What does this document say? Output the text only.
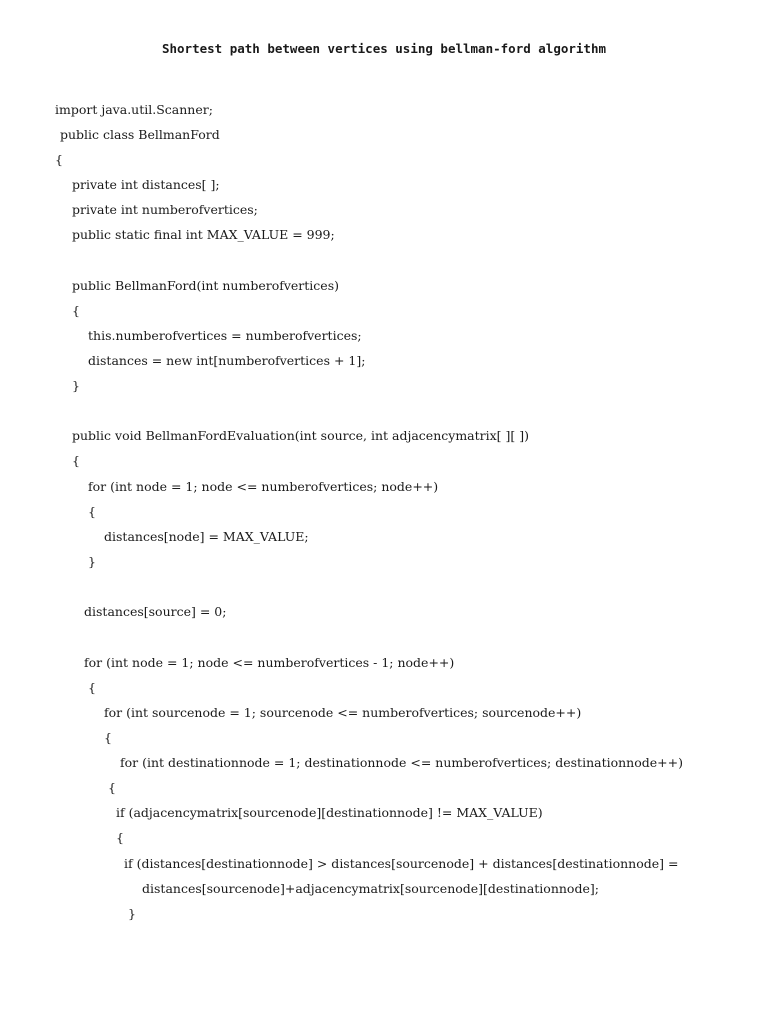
Shortest path between vertices using bellman-ford algorithm
import java.util.Scanner;
public class BellmanFord
{
private int distances[ ];
private int numberofvertices;
public static final int MAX_VALUE = 999;
public BellmanFord(int numberofvertices)
{
this.numberofvertices = numberofvertices;
distances = new int[numberofvertices + 1];
}
public void BellmanFordEvaluation(int source, int adjacencymatrix[ ][ ])
{
for (int node = 1; node <= numberofvertices; node++)
{
distances[node] = MAX_VALUE;
}
distances[source] = 0;
for (int node = 1; node <= numberofvertices - 1; node++)
{
for (int sourcenode = 1; sourcenode <= numberofvertices; sourcenode++)
{
for (int destinationnode = 1; destinationnode <= numberofvertices; destinationnode++)
{
if (adjacencymatrix[sourcenode][destinationnode] != MAX_VALUE)
{
if (distances[destinationnode] > distances[sourcenode] + distances[destinationnode] =
distances[sourcenode]+adjacencymatrix[sourcenode][destinationnode];
}
